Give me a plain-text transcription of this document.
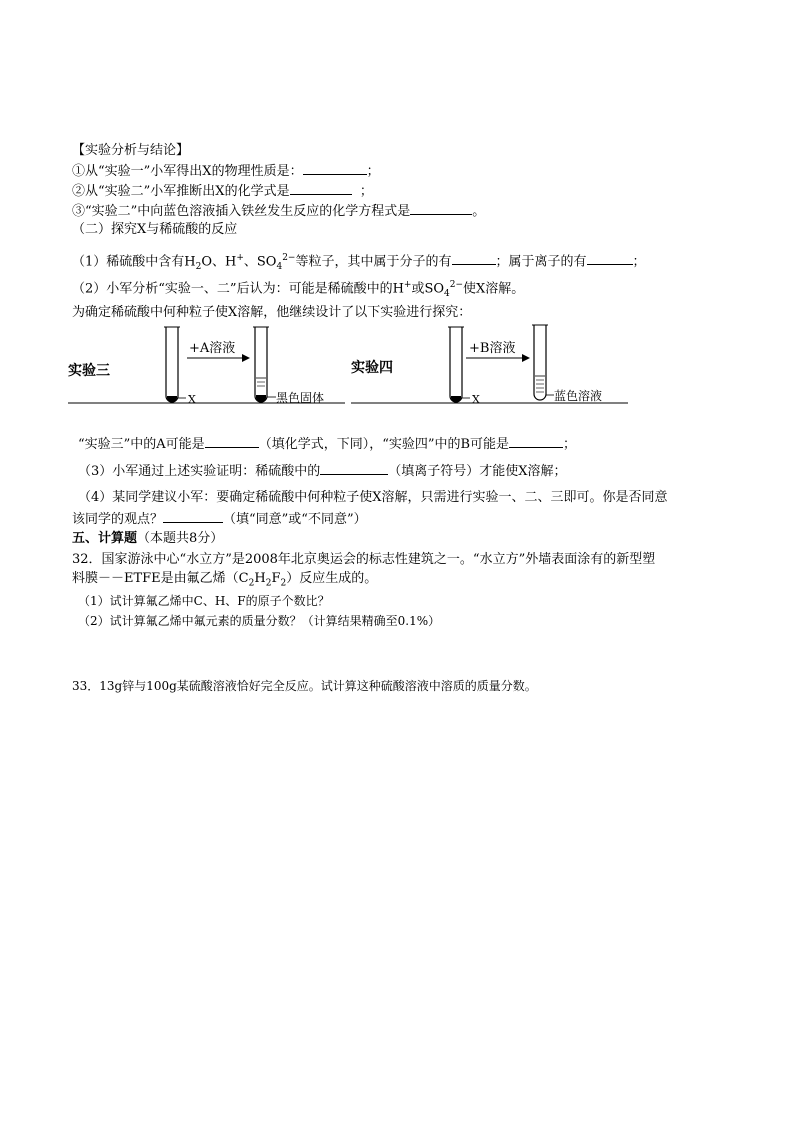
【实验分析与结论】
①从“实验一”小军得出X的物理性质是：	；
②从“实验二”小军推断出X的化学式是	；
③“实验二”中向蓝色溶液插入铁丝发生反应的化学方程式是	。
（二）探究X与稀硫酸的反应
（1）稀硫酸中含有$H_2O$、H+、$SO_4^{2-}$等粒子，其中属于分子的有	；属于离子的有	；
（2）小军分析“实验一、二”后认为：可能是稀硫酸中的H+或$SO_4^{2-}$使X溶解。
为确定稀硫酸中何种粒子使X溶解，他继续设计了以下实验进行探究：
X
+A溶液
黑色固体
实验三
X
+B溶液
蓝色溶液
实验四
“实验三”中的A可能是	（填化学式，下同），“实验四”中的B可能是	；
（3）小军通过上述实验证明：稀硫酸中的	（填离子符号）才能使X溶解；
（4）某同学建议小军：要确定稀硫酸中何种粒子使X溶解，只需进行实验一、二、三即可。你是否同意
该同学的观点？	（填“同意”或“不同意”）
五、计算题（本题共8分）
32．国家游泳中心“水立方”是2008年北京奥运会的标志性建筑之一。“水立方”外墙表面涂有的新型塑
料膜－－ETFE是由氟乙烯$(C_2H_2F_2)$反应生成的。
（1）试计算氟乙烯中C、H、F的原子个数比？
（2）试计算氟乙烯中氟元素的质量分数？（计算结果精确至0.1%）
33．13g锌与100g某硫酸溶液恰好完全反应。试计算这种硫酸溶液中溶质的质量分数。
